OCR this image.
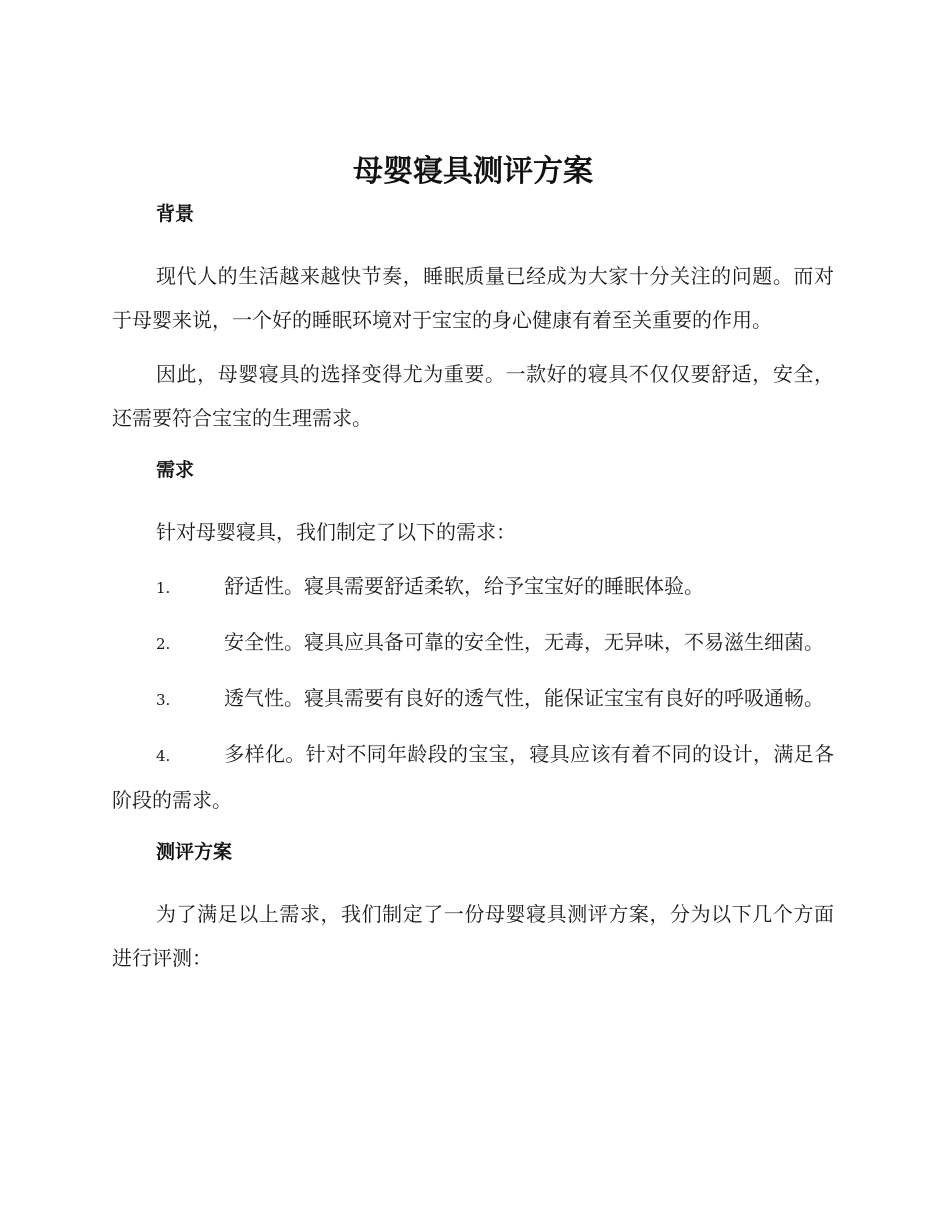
母婴寝具测评方案
背景

现代人的生活越来越快节奏，睡眠质量已经成为大家十分关注的问题。而对于母婴来说，一个好的睡眠环境对于宝宝的身心健康有着至关重要的作用。

因此，母婴寝具的选择变得尤为重要。一款好的寝具不仅仅要舒适，安全，还需要符合宝宝的生理需求。

需求

针对母婴寝具，我们制定了以下的需求：

1.	舒适性。寝具需要舒适柔软，给予宝宝好的睡眠体验。

2.	安全性。寝具应具备可靠的安全性，无毒，无异味，不易滋生细菌。

3.	透气性。寝具需要有良好的透气性，能保证宝宝有良好的呼吸通畅。

4.	多样化。针对不同年龄段的宝宝，寝具应该有着不同的设计，满足各阶段的需求。

测评方案

为了满足以上需求，我们制定了一份母婴寝具测评方案，分为以下几个方面进行评测：
